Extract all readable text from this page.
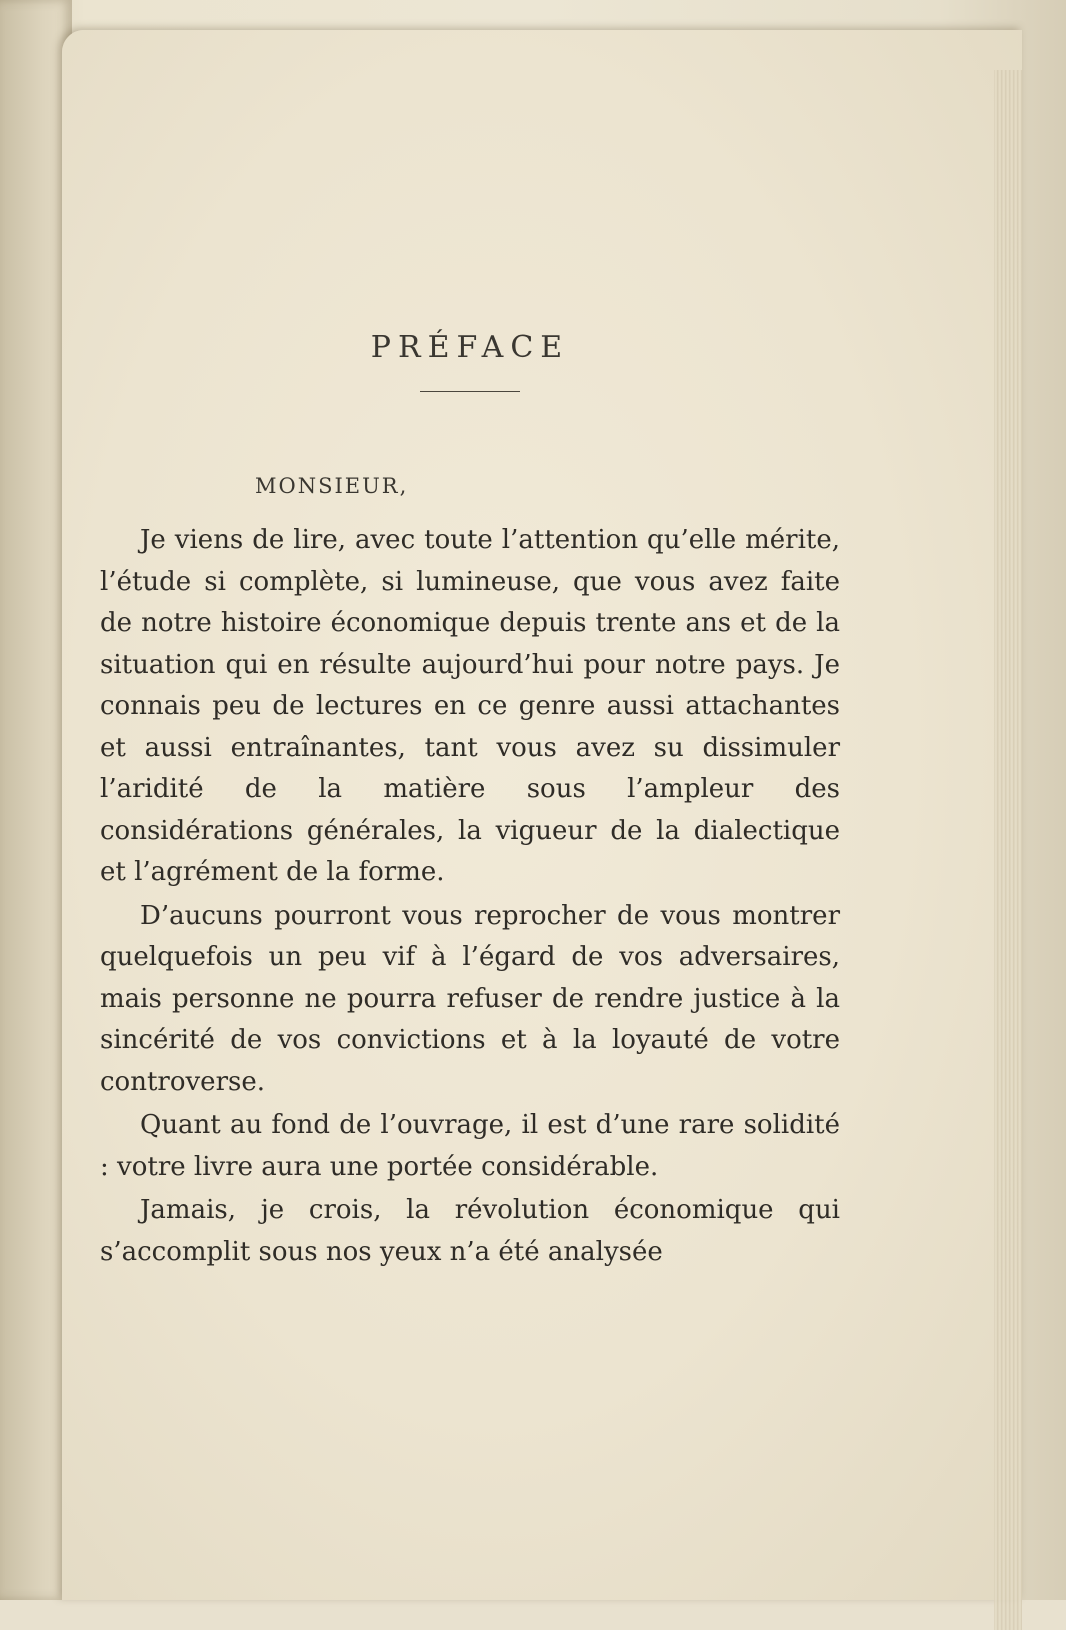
PRÉFACE
MONSIEUR,

Je viens de lire, avec toute l’attention qu’elle mérite, l’étude si complète, si lumineuse, que vous avez faite de notre histoire économique depuis trente ans et de la situation qui en résulte aujourd’hui pour notre pays. Je connais peu de lectures en ce genre aussi attachantes et aussi entraînantes, tant vous avez su dissimuler l’aridité de la matière sous l’ampleur des considérations générales, la vigueur de la dialectique et l’agrément de la forme.

D’aucuns pourront vous reprocher de vous montrer quelquefois un peu vif à l’égard de vos adversaires, mais personne ne pourra refuser de rendre justice à la sincérité de vos convictions et à la loyauté de votre controverse.

Quant au fond de l’ouvrage, il est d’une rare solidité : votre livre aura une portée considérable.

Jamais, je crois, la révolution économique qui s’accomplit sous nos yeux n’a été analysée
